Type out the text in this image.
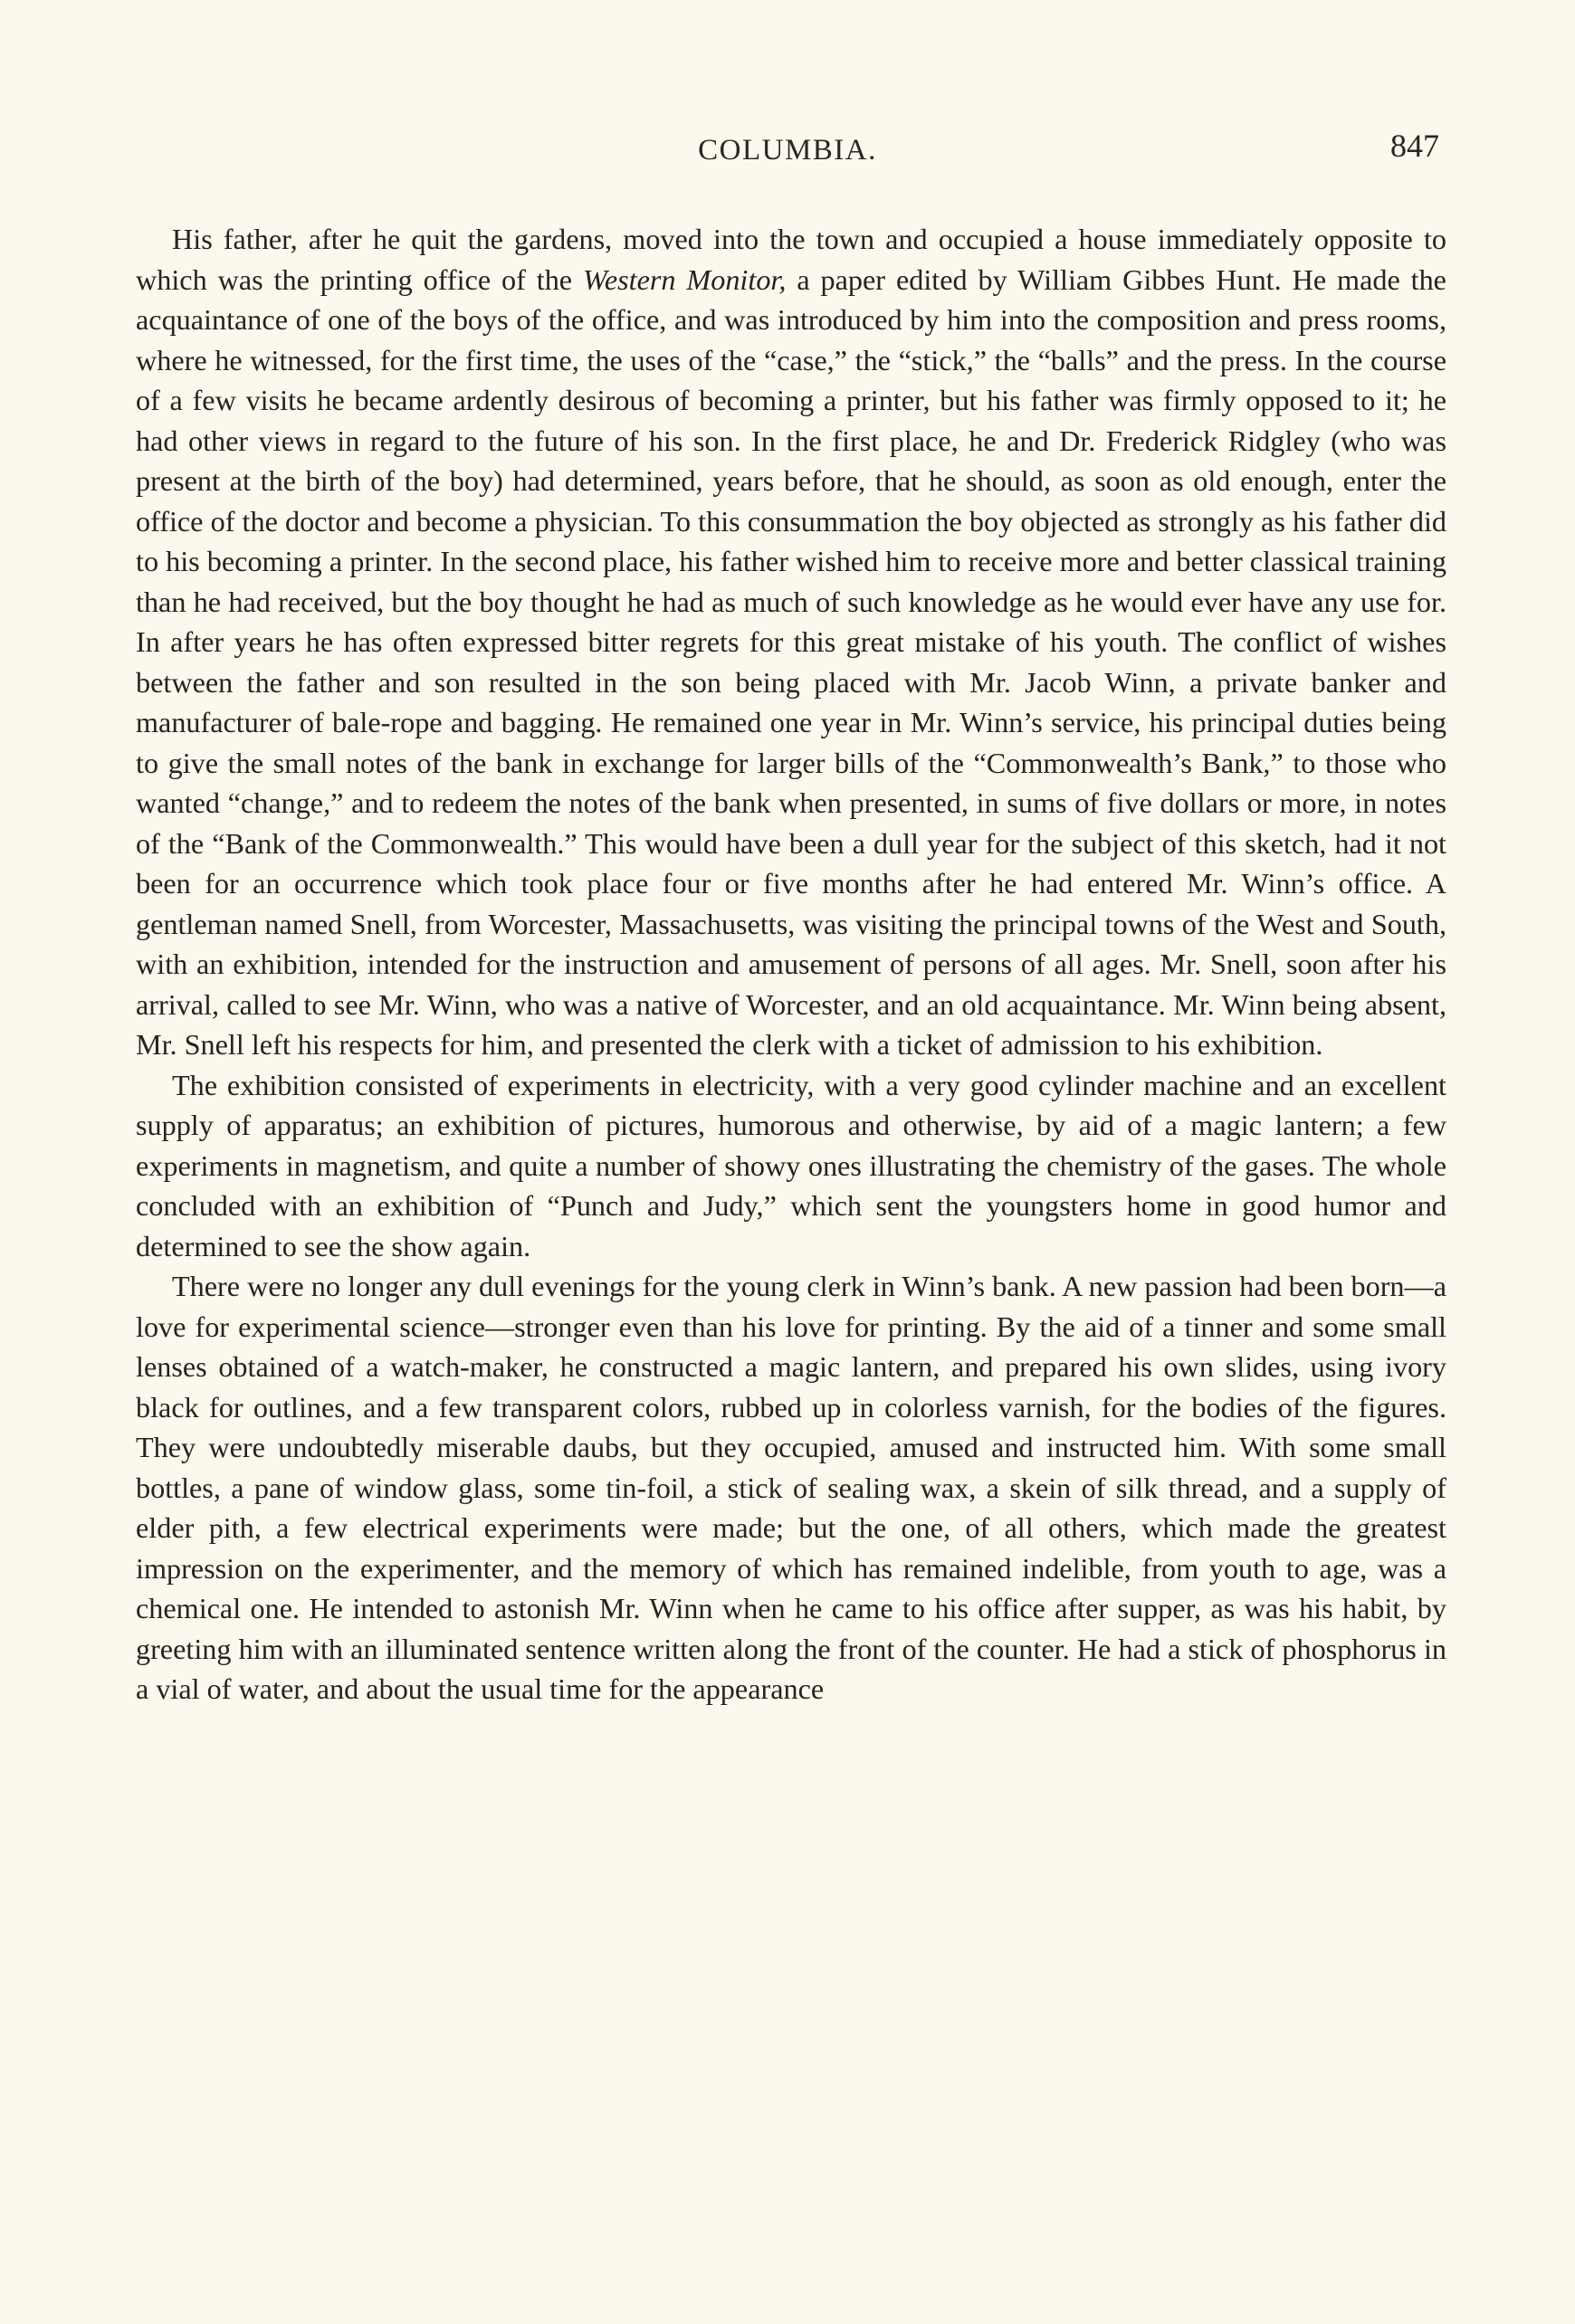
COLUMBIA.	847

His father, after he quit the gardens, moved into the town and occupied a house immediately opposite to which was the printing office of the Western Monitor, a paper edited by William Gibbes Hunt. He made the acquaintance of one of the boys of the office, and was introduced by him into the composition and press rooms, where he witnessed, for the first time, the uses of the “case,” the “stick,” the “balls” and the press. In the course of a few visits he became ardently desirous of becoming a printer, but his father was firmly opposed to it; he had other views in regard to the future of his son. In the first place, he and Dr. Frederick Ridgley (who was present at the birth of the boy) had determined, years before, that he should, as soon as old enough, enter the office of the doctor and become a physician. To this consummation the boy objected as strongly as his father did to his becoming a printer. In the second place, his father wished him to receive more and better classical training than he had received, but the boy thought he had as much of such knowledge as he would ever have any use for. In after years he has often expressed bitter regrets for this great mistake of his youth. The conflict of wishes between the father and son resulted in the son being placed with Mr. Jacob Winn, a private banker and manufacturer of bale-rope and bagging. He remained one year in Mr. Winn’s service, his principal duties being to give the small notes of the bank in exchange for larger bills of the “Commonwealth’s Bank,” to those who wanted “change,” and to redeem the notes of the bank when presented, in sums of five dollars or more, in notes of the “Bank of the Commonwealth.” This would have been a dull year for the subject of this sketch, had it not been for an occurrence which took place four or five months after he had entered Mr. Winn’s office. A gentleman named Snell, from Worcester, Massachusetts, was visiting the principal towns of the West and South, with an exhibition, intended for the instruction and amusement of persons of all ages. Mr. Snell, soon after his arrival, called to see Mr. Winn, who was a native of Worcester, and an old acquaintance. Mr. Winn being absent, Mr. Snell left his respects for him, and presented the clerk with a ticket of admission to his exhibition.

The exhibition consisted of experiments in electricity, with a very good cylinder machine and an excellent supply of apparatus; an exhibition of pictures, humorous and otherwise, by aid of a magic lantern; a few experiments in magnetism, and quite a number of showy ones illustrating the chemistry of the gases. The whole concluded with an exhibition of “Punch and Judy,” which sent the youngsters home in good humor and determined to see the show again.

There were no longer any dull evenings for the young clerk in Winn’s bank. A new passion had been born—a love for experimental science—stronger even than his love for printing. By the aid of a tinner and some small lenses obtained of a watch-maker, he constructed a magic lantern, and prepared his own slides, using ivory black for outlines, and a few transparent colors, rubbed up in colorless varnish, for the bodies of the figures. They were undoubtedly miserable daubs, but they occupied, amused and instructed him. With some small bottles, a pane of window glass, some tin-foil, a stick of sealing wax, a skein of silk thread, and a supply of elder pith, a few electrical experiments were made; but the one, of all others, which made the greatest impression on the experimenter, and the memory of which has remained indelible, from youth to age, was a chemical one. He intended to astonish Mr. Winn when he came to his office after supper, as was his habit, by greeting him with an illuminated sentence written along the front of the counter. He had a stick of phosphorus in a vial of water, and about the usual time for the appearance
